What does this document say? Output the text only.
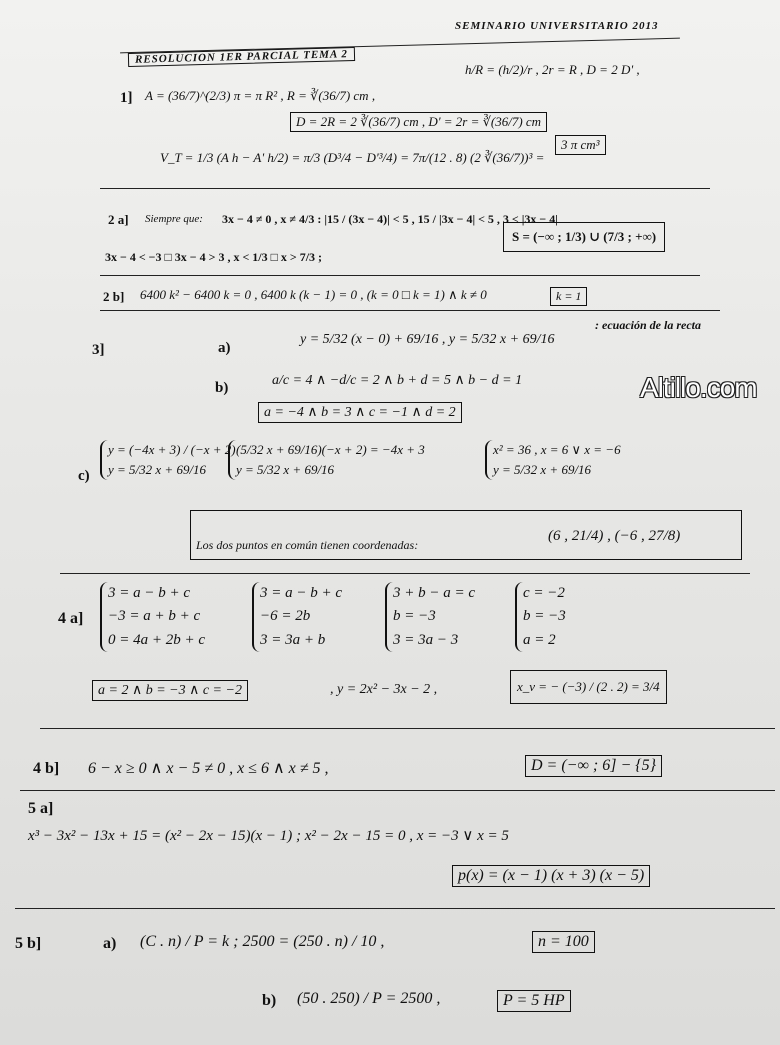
SEMINARIO UNIVERSITARIO 2013
RESOLUCION 1ER PARCIAL TEMA 2
Altillo.com
1] A = (36/7)^(2/3) π = π R² , R = ∛(36/7) cm ,
h/R = (h/2)/r , 2r = R , D = 2 D' ,
D = 2R = 2 ∛(36/7) cm , D' = 2r = ∛(36/7) cm
V_T = 1/3 (A h − A' h/2) = π/3 (D³/4 − D'³/4) = 7π/(12 . 8) (2 ∛(36/7))³ =
3 π cm³
2 a] Siempre que: 3x − 4 ≠ 0 , x ≠ 4/3 : |15 / (3x − 4)| < 5 , 15 / |3x − 4| < 5 , 3 < |3x − 4|
3x − 4 < −3 □ 3x − 4 > 3 , x < 1/3 □ x > 7/3 ;
S = (−∞ ; 1/3) ∪ (7/3 ; +∞)
2 b] 6400 k² − 6400 k = 0 , 6400 k (k − 1) = 0 , (k = 0 □ k = 1) ∧ k ≠ 0	k = 1
3]	a)
y = 5/32 (x − 0) + 69/16 , y = 5/32 x + 69/16
: ecuación de la recta
b)	a/c = 4 ∧ −d/c = 2 ∧ b + d = 5 ∧ b − d = 1
a = −4 ∧ b = 3 ∧ c = −1 ∧ d = 2
c)
y = (−4x + 3) / (−x + 2)
y = 5/32 x + 69/16
(5/32 x + 69/16)(−x + 2) = −4x + 3
y = 5/32 x + 69/16
x² = 36 , x = 6 ∨ x = −6
y = 5/32 x + 69/16
Los dos puntos en común tienen coordenadas:
(6 , 21/4) , (−6 , 27/8)
4 a]
3 = a − b + c
−3 = a + b + c
0 = 4a + 2b + c
3 = a − b + c
−6 = 2b
3 = 3a + b
3 + b − a = c
b = −3
3 = 3a − 3
c = −2
b = −3
a = 2
a = 2 ∧ b = −3 ∧ c = −2	, y = 2x² − 3x − 2 ,	x_v = − (−3) / (2 . 2) = 3/4
4 b] 6 − x ≥ 0 ∧ x − 5 ≠ 0 , x ≤ 6 ∧ x ≠ 5 ,	D = (−∞ ; 6] − {5}
5 a]
x³ − 3x² − 13x + 15 = (x² − 2x − 15)(x − 1) ; x² − 2x − 15 = 0 , x = −3 ∨ x = 5
p(x) = (x − 1) (x + 3) (x − 5)
5 b]	a) (C . n) / P = k ; 2500 = (250 . n) / 10 ,	n = 100
b) (50 . 250) / P = 2500 ,	P = 5 HP
